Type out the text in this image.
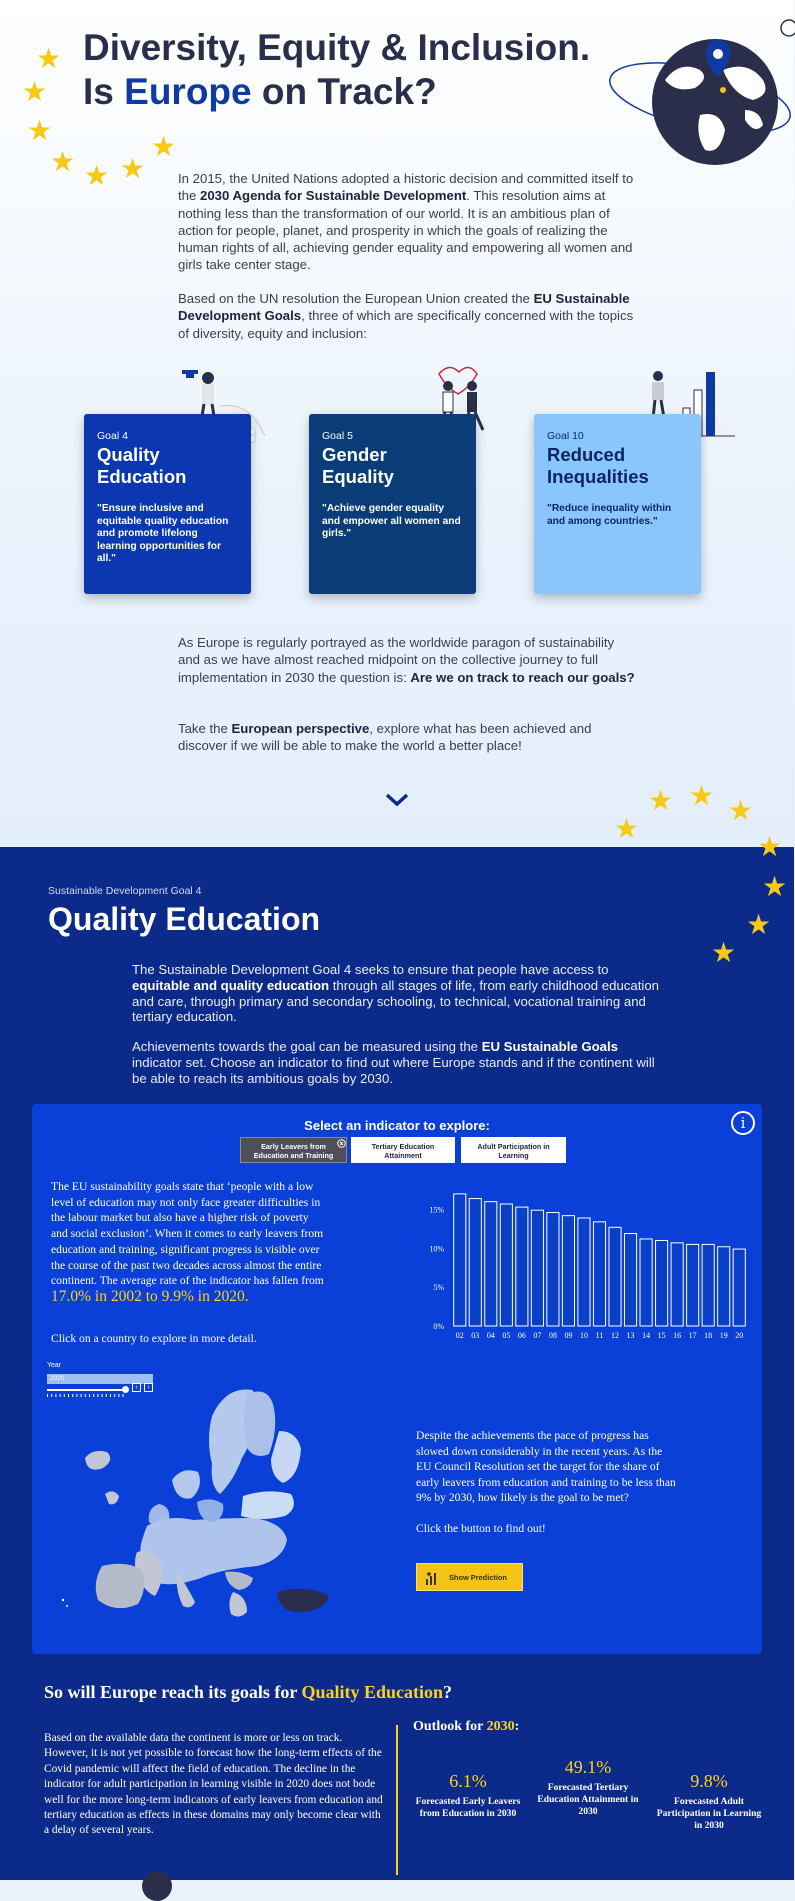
★
★
★
★ ★ ★
★
Diversity, Equity & Inclusion.
Is Europe on Track?
In 2015, the United Nations adopted a historic decision and committed itself to the 2030 Agenda for Sustainable Development. This resolution aims at nothing less than the transformation of our world. It is an ambitious plan of action for people, planet, and prosperity in which the goals of realizing the human rights of all, achieving gender equality and empowering all women and girls take center stage.
Based on the UN resolution the European Union created the EU Sustainable Development Goals, three of which are specifically concerned with the topics of diversity, equity and inclusion:
Goal 4
Quality Education
"Ensure inclusive and equitable quality education and promote lifelong learning opportunities for all."
Goal 5
Gender Equality
"Achieve gender equality and empower all women and girls."
Goal 10
Reduced Inequalities
"Reduce inequality within and among countries."
As Europe is regularly portrayed as the worldwide paragon of sustainability and as we have almost reached midpoint on the collective journey to full implementation in 2030 the question is: Are we on track to reach our goals?
Take the European perspective, explore what has been achieved and discover if we will be able to make the world a better place!
★
★ ★ ★
★
★
★
★
Sustainable Development Goal 4
Quality Education
The Sustainable Development Goal 4 seeks to ensure that people have access to equitable and quality education through all stages of life, from early childhood education and care, through primary and secondary schooling, to technical, vocational training and tertiary education.
Achievements towards the goal can be measured using the EU Sustainable Goals indicator set. Choose an indicator to find out where Europe stands and if the continent will be able to reach its ambitious goals by 2030.
Select an indicator to explore:	i
Early Leavers from
Education and Training
Tertiary Education
Attainment
Adult Participation in
Learning
The EU sustainability goals state that ‘people with a low level of education may not only face greater difficulties in the labour market but also have a higher risk of poverty and social exclusion’. When it comes to early leavers from education and training, significant progress is visible over the course of the past two decades across almost the entire continent. The average rate of the indicator has fallen from
17.0% in 2002 to 9.9% in 2020.
Click on a country to explore in more detail.
0%
5%
10%
15%
02 03 04 05 06 07 08 09 10 11 12 13 14 15 16 17 18 19 20
Year
2020
‹	›
Despite the achievements the pace of progress has slowed down considerably in the recent years. As the EU Council Resolution set the target for the share of early leavers from education and training to be less than 9% by 2030, how likely is the goal to be met?
Click the button to find out!
Show Prediction
So will Europe reach its goals for Quality Education?
Based on the available data the continent is more or less on track. However, it is not yet possible to forecast how the long-term effects of the Covid pandemic will affect the field of education. The decline in the indicator for adult participation in learning visible in 2020 does not bode well for the more long-term indicators of early leavers from education and tertiary education as effects in these domains may only become clear with a delay of several years.
Outlook for 2030:
6.1%
Forecasted Early Leavers from Education in 2030
49.1%
Forecasted Tertiary Education Attainment in 2030
9.8%
Forecasted Adult Participation in Learning in 2030
